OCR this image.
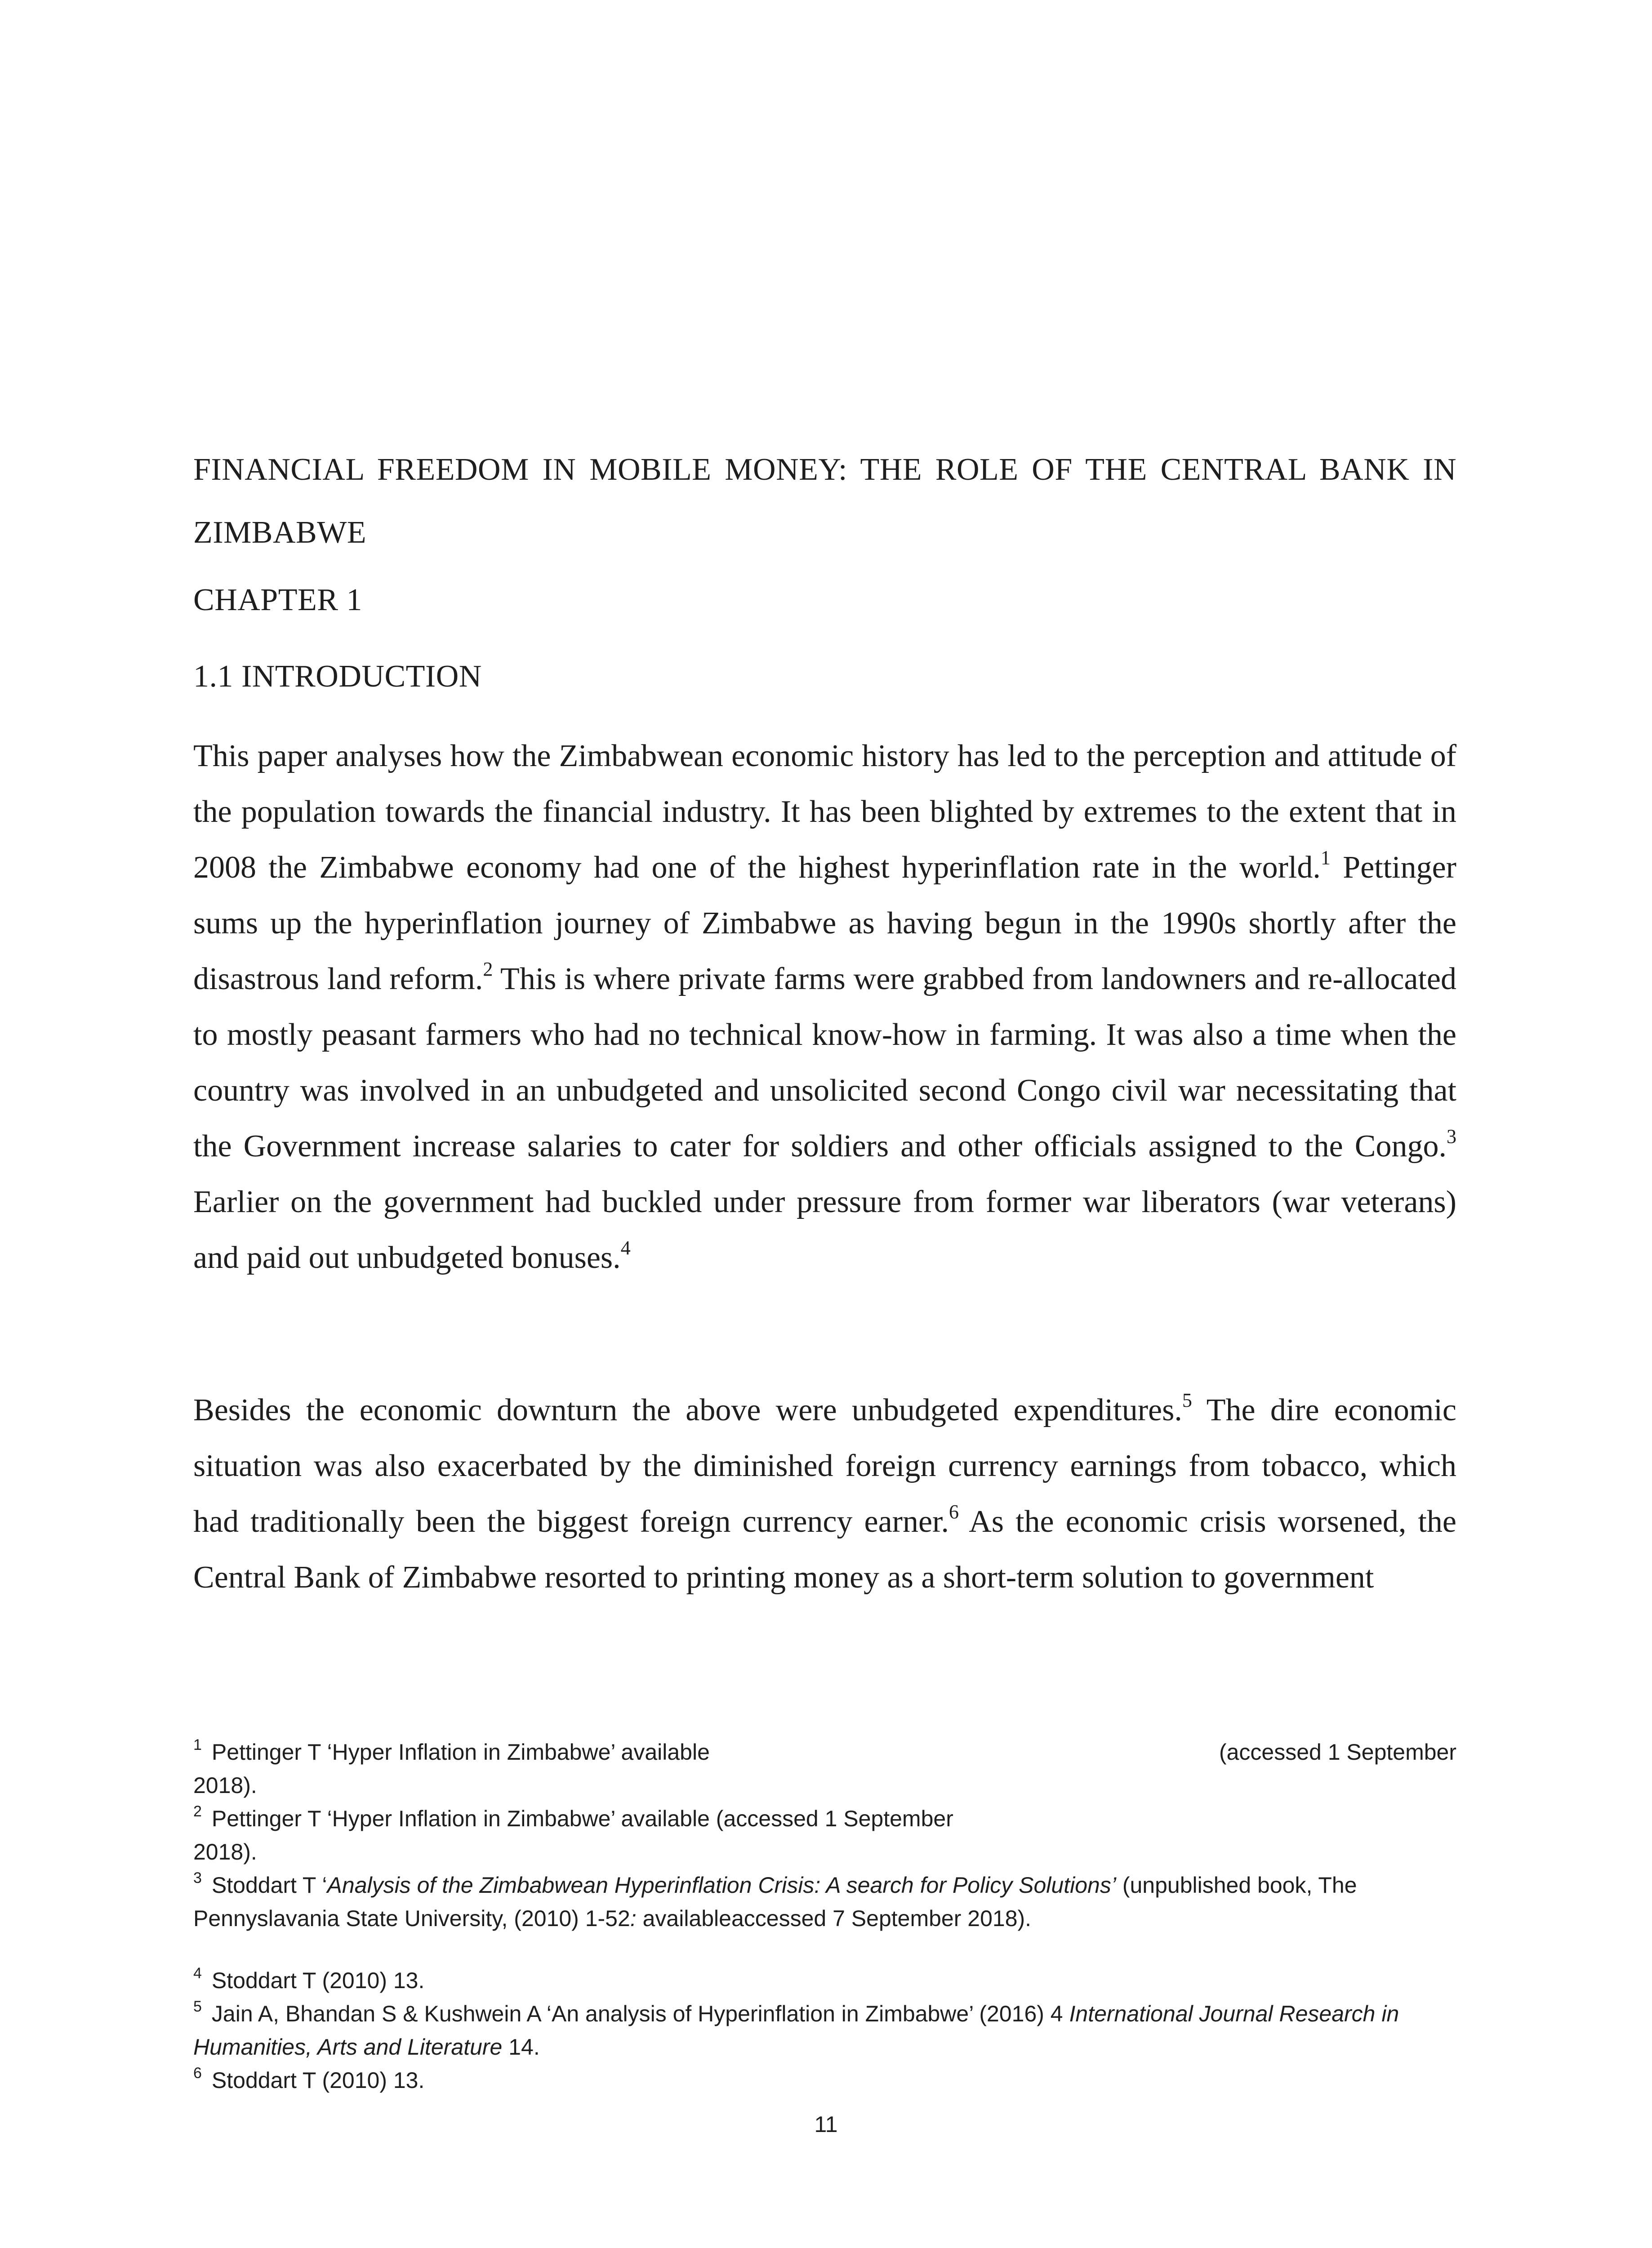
FINANCIAL FREEDOM IN MOBILE MONEY: THE ROLE OF THE CENTRAL BANK IN ZIMBABWE
CHAPTER 1
1.1 INTRODUCTION

This paper analyses how the Zimbabwean economic history has led to the perception and attitude of the population towards the financial industry. It has been blighted by extremes to the extent that in 2008 the Zimbabwe economy had one of the highest hyperinflation rate in the world.$^1$ Pettinger sums up the hyperinflation journey of Zimbabwe as having begun in the 1990s shortly after the disastrous land reform.$^2$ This is where private farms were grabbed from landowners and re-allocated to mostly peasant farmers who had no technical know-how in farming. It was also a time when the country was involved in an unbudgeted and unsolicited second Congo civil war necessitating that the Government increase salaries to cater for soldiers and other officials assigned to the Congo.$^3$ Earlier on the government had buckled under pressure from former war liberators (war veterans) and paid out unbudgeted bonuses.$^4$

Besides the economic downturn the above were unbudgeted expenditures.$^5$ The dire economic situation was also exacerbated by the diminished foreign currency earnings from tobacco, which had traditionally been the biggest foreign currency earner.$^6$ As the economic crisis worsened, the Central Bank of Zimbabwe resorted to printing money as a short-term solution to government

$^1$ Pettinger T ‘Hyper Inflation in Zimbabwe’ available	(accessed 1 September
2018).
$^2$ Pettinger T ‘Hyper Inflation in Zimbabwe’ available (accessed 1 September
2018).
$^3$ Stoddart T ‘Analysis of the Zimbabwean Hyperinflation Crisis: A search for Policy Solutions’ (unpublished book, The Pennyslavania State University, (2010) 1-52: availableaccessed 7 September 2018).
$^4$ Stoddart T (2010) 13.
$^5$ Jain A, Bhandan S & Kushwein A ‘An analysis of Hyperinflation in Zimbabwe’ (2016) 4 International Journal Research in Humanities, Arts and Literature 14.
$^6$ Stoddart T (2010) 13.

11
